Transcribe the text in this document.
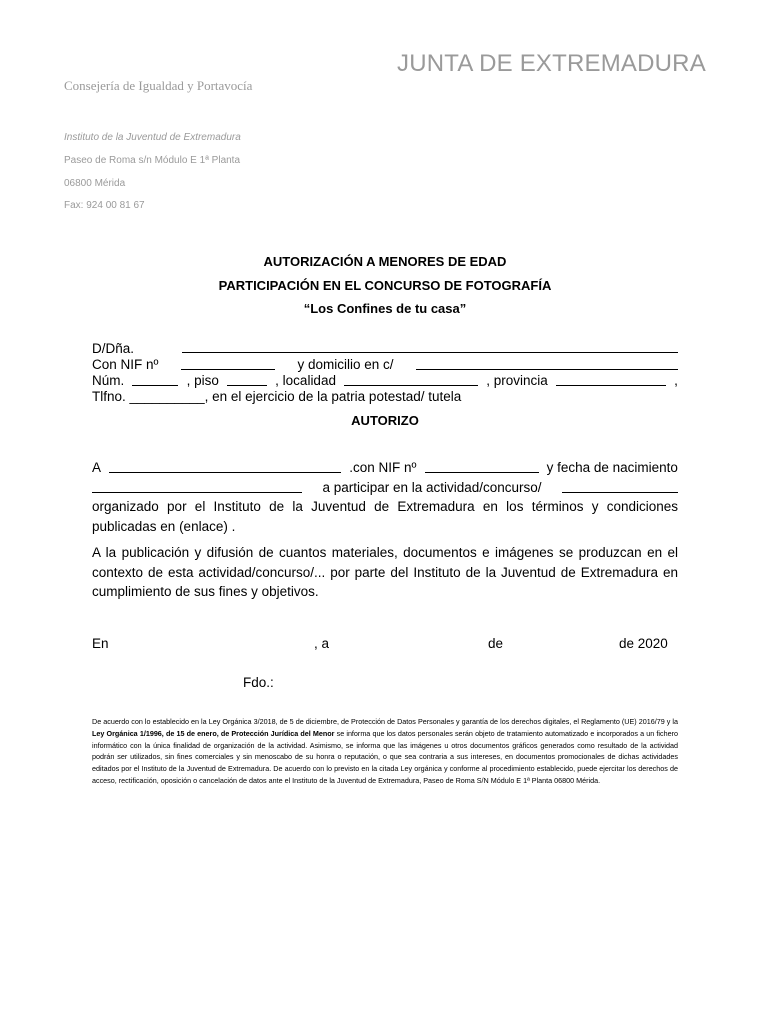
JUNTA DE EXTREMADURA
Consejería de Igualdad y Portavocía
Instituto de la Juventud de Extremadura
Paseo de Roma s/n Módulo E 1ª Planta
06800 Mérida
Fax: 924 00 81 67
AUTORIZACIÓN A MENORES DE EDAD
PARTICIPACIÓN EN EL CONCURSO DE FOTOGRAFÍA
“Los Confines de tu casa”
D/Dña.
Con NIF nº	y domicilio en c/
Núm.	, piso	, localidad	, provincia	,
Tlfno. __________, en el ejercicio de la patria potestad/ tutela
AUTORIZO
A	.con NIF nº	y fecha de nacimiento
a participar en la actividad/concurso/
organizado por el Instituto de la Juventud de Extremadura en los términos y condiciones publicadas en (enlace) .
A la publicación y difusión de cuantos materiales, documentos e imágenes se produzcan en el contexto de esta actividad/concurso/... por parte del Instituto de la Juventud de Extremadura en cumplimiento de sus fines y objetivos.
En	, a	de	de 2020
Fdo.:
De acuerdo con lo establecido en la Ley Orgánica 3/2018, de 5 de diciembre, de Protección de Datos Personales y garantía de los derechos digitales, el Reglamento (UE) 2016/79 y la Ley Orgánica 1/1996, de 15 de enero, de Protección Jurídica del Menor se informa que los datos personales serán objeto de tratamiento automatizado e incorporados a un fichero informático con la única finalidad de organización de la actividad. Asimismo, se informa que las imágenes u otros documentos gráficos generados como resultado de la actividad podrán ser utilizados, sin fines comerciales y sin menoscabo de su honra o reputación, o que sea contraria a sus intereses, en documentos promocionales de dichas actividades editados por el Instituto de la Juventud de Extremadura. De acuerdo con lo previsto en la citada Ley orgánica y conforme al procedimiento establecido, puede ejercitar los derechos de acceso, rectificación, oposición o cancelación de datos ante el Instituto de la Juventud de Extremadura, Paseo de Roma S/N Módulo E 1ª Planta 06800 Mérida.
